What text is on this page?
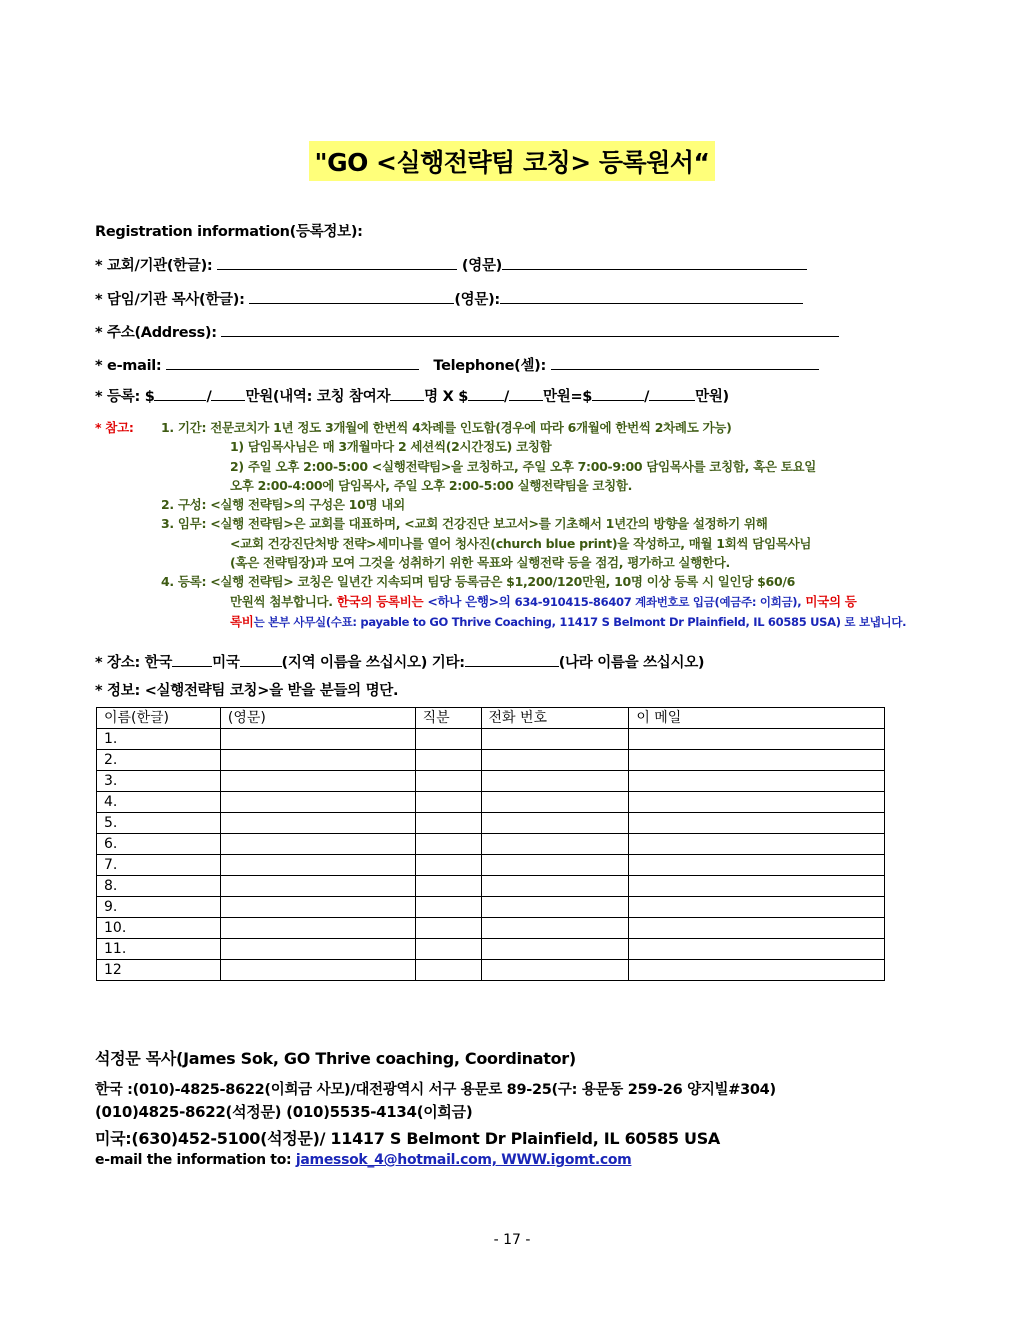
"GO <실행전략팀 코칭> 등록원서“
Registration information(등록정보):
* 교회/기관(한글):	(영문)
* 담임/기관 목사(한글):	(영문):
* 주소(Address):
* e-mail:	Telephone(셀):
* 등록: $	/ 만원(내역: 코칭 참여자 명 X $ / 만원=$	/	만원)
* 참고: 1. 기간: 전문코치가 1년 정도 3개월에 한번씩 4차례를 인도함(경우에 따라 6개월에 한번씩 2차례도 가능)
1) 담임목사님은 매 3개월마다 2 세션씩(2시간정도) 코칭함
2) 주일 오후 2:00-5:00 <실행전략팀>을 코칭하고, 주일 오후 7:00-9:00 담임목사를 코칭함, 혹은 토요일
오후 2:00-4:00에 담임목사, 주일 오후 2:00-5:00 실행전략팀을 코칭함.
2. 구성: <실행 전략팀>의 구성은 10명 내외
3. 임무: <실행 전략팀>은 교회를 대표하며, <교회 건강진단 보고서>를 기초해서 1년간의 방향을 설정하기 위해
<교회 건강진단처방 전략>세미나를 열어 청사진(church blue print)을 작성하고, 매월 1회씩 담임목사님
(혹은 전략팀장)과 모여 그것을 성취하기 위한 목표와 실행전략 등을 점검, 평가하고 실행한다.
4. 등록: <실행 전략팀> 코칭은 일년간 지속되며 팀당 등록금은 $1,200/120만원, 10명 이상 등록 시 일인당 $60/6
만원씩 첨부합니다. 한국의 등록비는 <하나 은행>의 634-910415-86407 계좌번호로 입금(예금주: 이희금), 미국의 등
록비는 본부 사무실(수표: payable to GO Thrive Coaching, 11417 S Belmont Dr Plainfield, IL 60585 USA) 로 보냅니다.
* 장소: 한국	미국	(지역 이름을 쓰십시오) 기타:	(나라 이름을 쓰십시오)
* 정보: <실행전략팀 코칭>을 받을 분들의 명단.
이름(한글)	(영문)	직분	전화 번호	이 메일
1.				
2.				
3.				
4.				
5.				
6.				
7.				
8.				
9.				
10.				
11.				
12				
석정문 목사(James Sok, GO Thrive coaching, Coordinator)
한국 :(010)-4825-8622(이희금 사모)/대전광역시 서구 용문로 89-25(구: 용문동 259-26 양지빌#304)
(010)4825-8622(석정문) (010)5535-4134(이희금)
미국:(630)452-5100(석정문)/ 11417 S Belmont Dr Plainfield, IL 60585 USA
e-mail the information to: jamessok_4@hotmail.com, WWW.igomt.com
- 17 -
